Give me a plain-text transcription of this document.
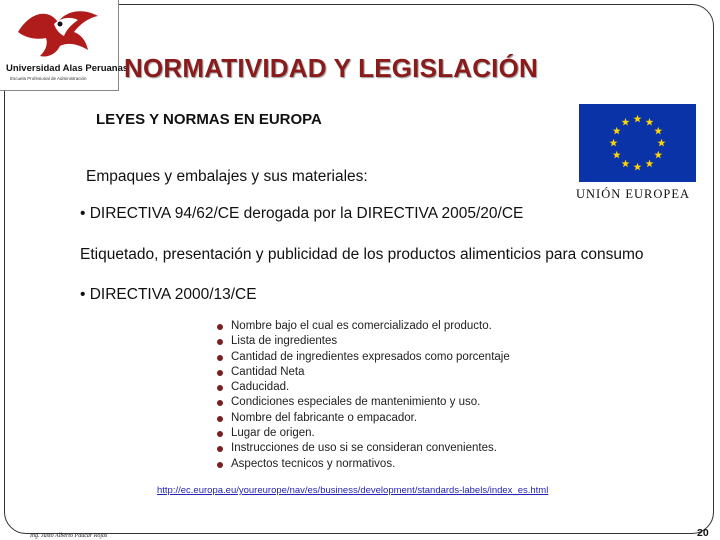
Universidad Alas Peruanas
Escuela Profesional de Administración NORMATIVIDAD Y LEGISLACIÓN
LEYES Y NORMAS EN EUROPA
Empaques y embalajes y sus materiales:
• DIRECTIVA 94/62/CE derogada por la DIRECTIVA 2005/20/CE
Etiquetado, presentación y publicidad de los productos alimenticios para consumo
• DIRECTIVA 2000/13/CE
UNIÓN EUROPEA
Nombre bajo el cual es comercializado el producto.
Lista de ingredientes
Cantidad de ingredientes expresados como porcentaje
Cantidad Neta
Caducidad.
Condiciones especiales de mantenimiento y uso.
Nombre del fabricante o empacador.
Lugar de origen.
Instrucciones de uso si se consideran convenientes.
Aspectos tecnicos y normativos.
http://ec.europa.eu/youreurope/nav/es/business/development/standards-labels/index_es.html
Ing. Justo Alberto Paucar Rojas	20
